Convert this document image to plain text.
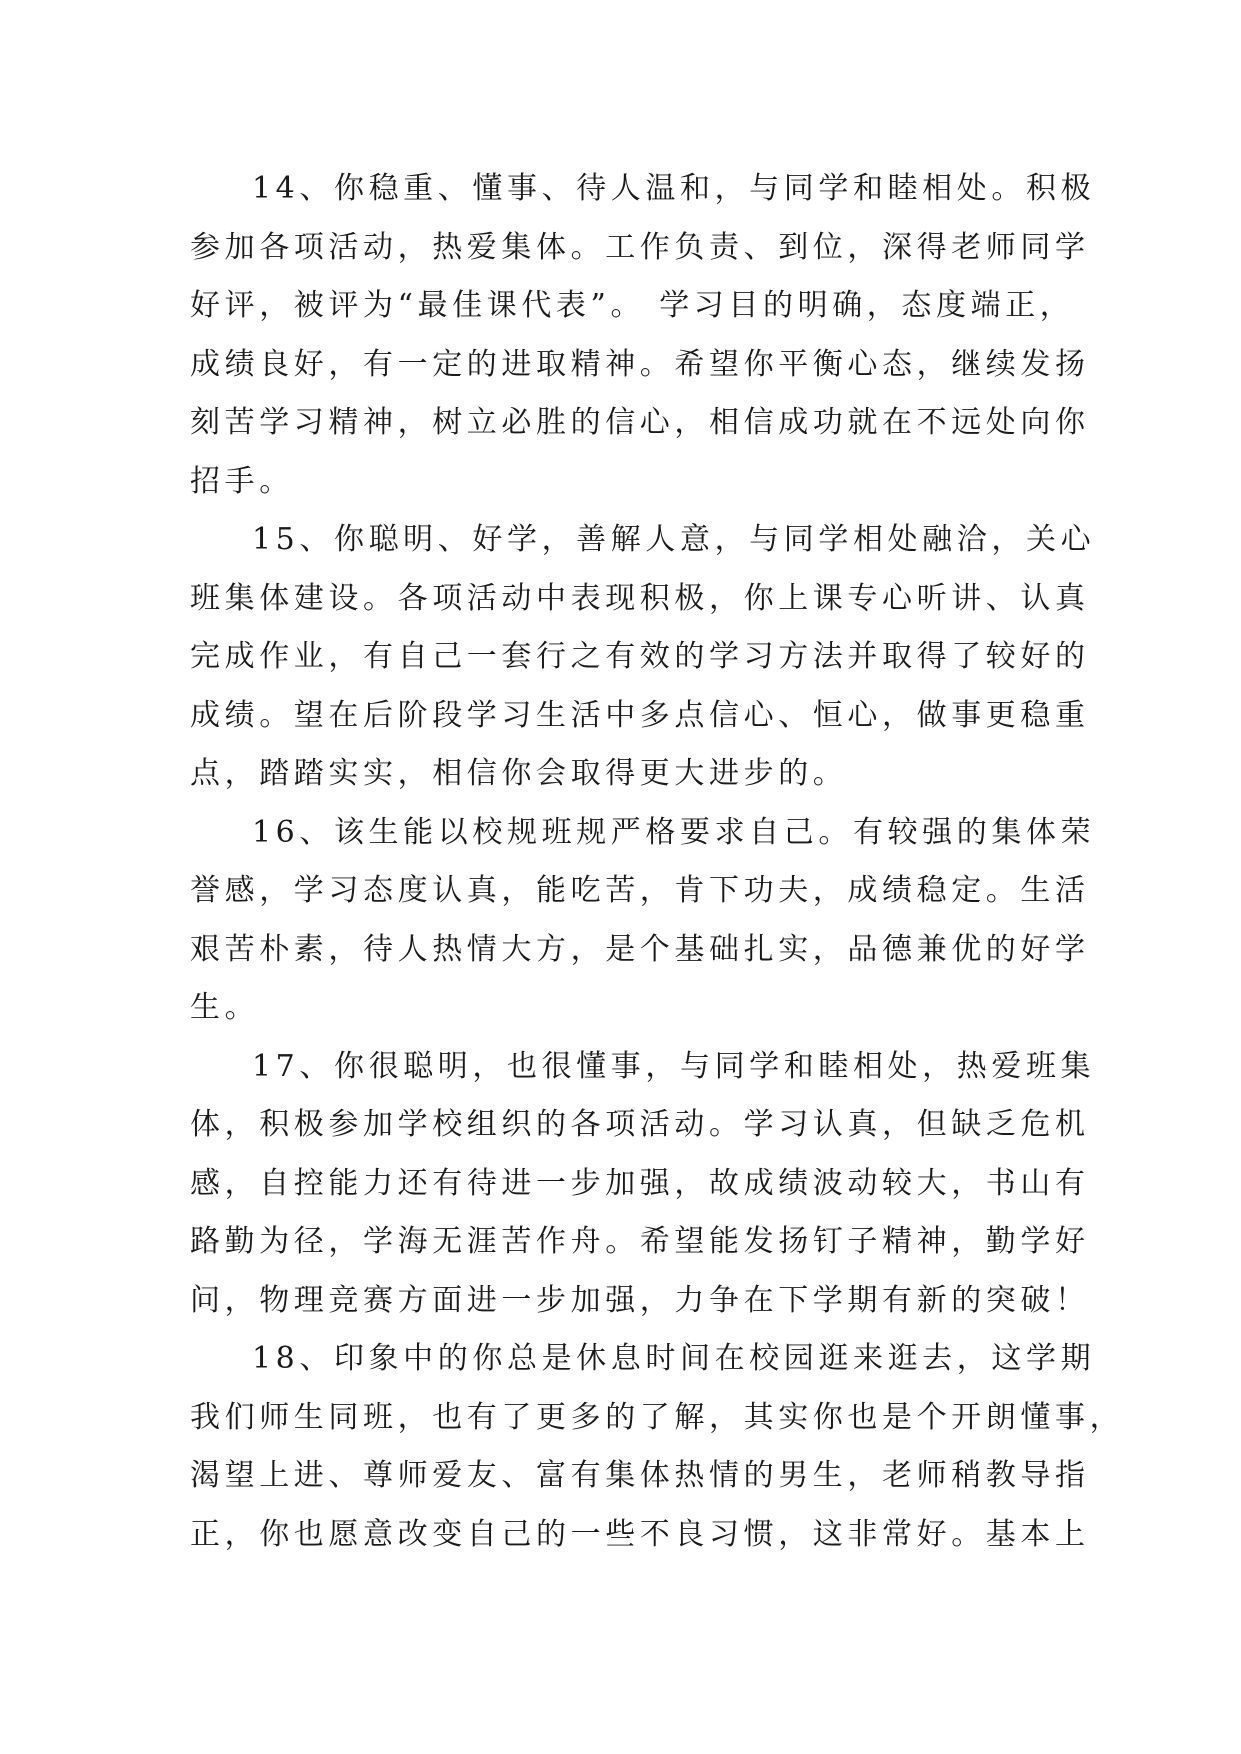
14、你稳重、懂事、待人温和，与同学和睦相处。积极
参加各项活动，热爱集体。工作负责、到位，深得老师同学
好评，被评为“最佳课代表”。 学习目的明确，态度端正，
成绩良好，有一定的进取精神。希望你平衡心态，继续发扬
刻苦学习精神，树立必胜的信心，相信成功就在不远处向你
招手。
15、你聪明、好学，善解人意，与同学相处融洽，关心
班集体建设。各项活动中表现积极，你上课专心听讲、认真
完成作业，有自己一套行之有效的学习方法并取得了较好的
成绩。望在后阶段学习生活中多点信心、恒心，做事更稳重
点，踏踏实实，相信你会取得更大进步的。
16、该生能以校规班规严格要求自己。有较强的集体荣
誉感，学习态度认真，能吃苦，肯下功夫，成绩稳定。生活
艰苦朴素，待人热情大方，是个基础扎实，品德兼优的好学
生。
17、你很聪明，也很懂事，与同学和睦相处，热爱班集
体，积极参加学校组织的各项活动。学习认真，但缺乏危机
感，自控能力还有待进一步加强，故成绩波动较大，书山有
路勤为径，学海无涯苦作舟。希望能发扬钉子精神，勤学好
问，物理竞赛方面进一步加强，力争在下学期有新的突破！
18、印象中的你总是休息时间在校园逛来逛去，这学期
我们师生同班，也有了更多的了解，其实你也是个开朗懂事，
渴望上进、尊师爱友、富有集体热情的男生，老师稍教导指
正，你也愿意改变自己的一些不良习惯，这非常好。基本上
